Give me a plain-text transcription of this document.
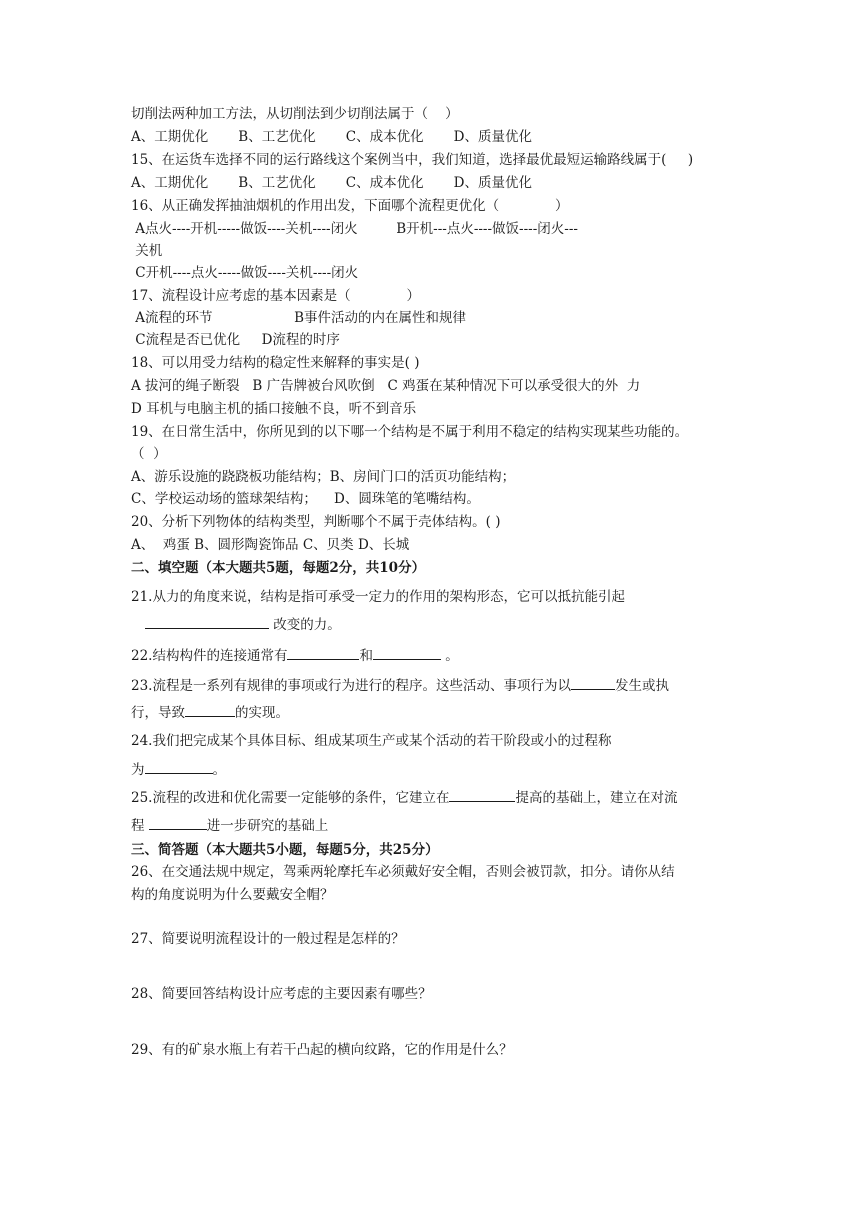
切削法两种加工方法，从切削法到少切削法属于（    ）
A、工期优化       B、工艺优化       C、成本优化       D、质量优化
15、在运货车选择不同的运行路线这个案例当中，我们知道，选择最优最短运输路线属于(     )
A、工期优化       B、工艺优化       C、成本优化       D、质量优化
16、从正确发挥抽油烟机的作用出发，下面哪个流程更优化（             ）
A点火----开机-----做饭----关机----闭火         B开机---点火----做饭----闭火---
关机
C开机----点火-----做饭----关机----闭火
17、流程设计应考虑的基本因素是（             ）
A流程的环节                   B事件活动的内在属性和规律
C流程是否已优化     D流程的时序
18、可以用受力结构的稳定性来解释的事实是( )
A 拔河的绳子断裂   B 广告牌被台风吹倒   C 鸡蛋在某种情况下可以承受很大的外  力
D 耳机与电脑主机的插口接触不良，听不到音乐
19、在日常生活中，你所见到的以下哪一个结构是不属于利用不稳定的结构实现某些功能的。
（  ）
A、游乐设施的跷跷板功能结构；B、房间门口的活页功能结构；
C、学校运动场的篮球架结构；    D、圆珠笔的笔嘴结构。
20、分析下列物体的结构类型，判断哪个不属于壳体结构。( )
A、  鸡蛋 B、圆形陶瓷饰品 C、贝类 D、长城
二、填空题（本大题共5题，每题2分，共10分）
21.从力的角度来说，结构是指可承受一定力的作用的架构形态，它可以抵抗能引起
改变的力。
22.结构构件的连接通常有	和	。
23.流程是一系列有规律的事项或行为进行的程序。这些活动、事项行为以	发生或执
行，导致	的实现。
24.我们把完成某个具体目标、组成某项生产或某个活动的若干阶段或小的过程称
为	。
25.流程的改进和优化需要一定能够的条件，它建立在	提高的基础上，建立在对流
程	进一步研究的基础上
三、简答题（本大题共5小题，每题5分，共25分）
26、在交通法规中规定，驾乘两轮摩托车必须戴好安全帽，否则会被罚款，扣分。请你从结
构的角度说明为什么要戴安全帽？
27、简要说明流程设计的一般过程是怎样的？
28、简要回答结构设计应考虑的主要因素有哪些？
29、有的矿泉水瓶上有若干凸起的横向纹路，它的作用是什么？
